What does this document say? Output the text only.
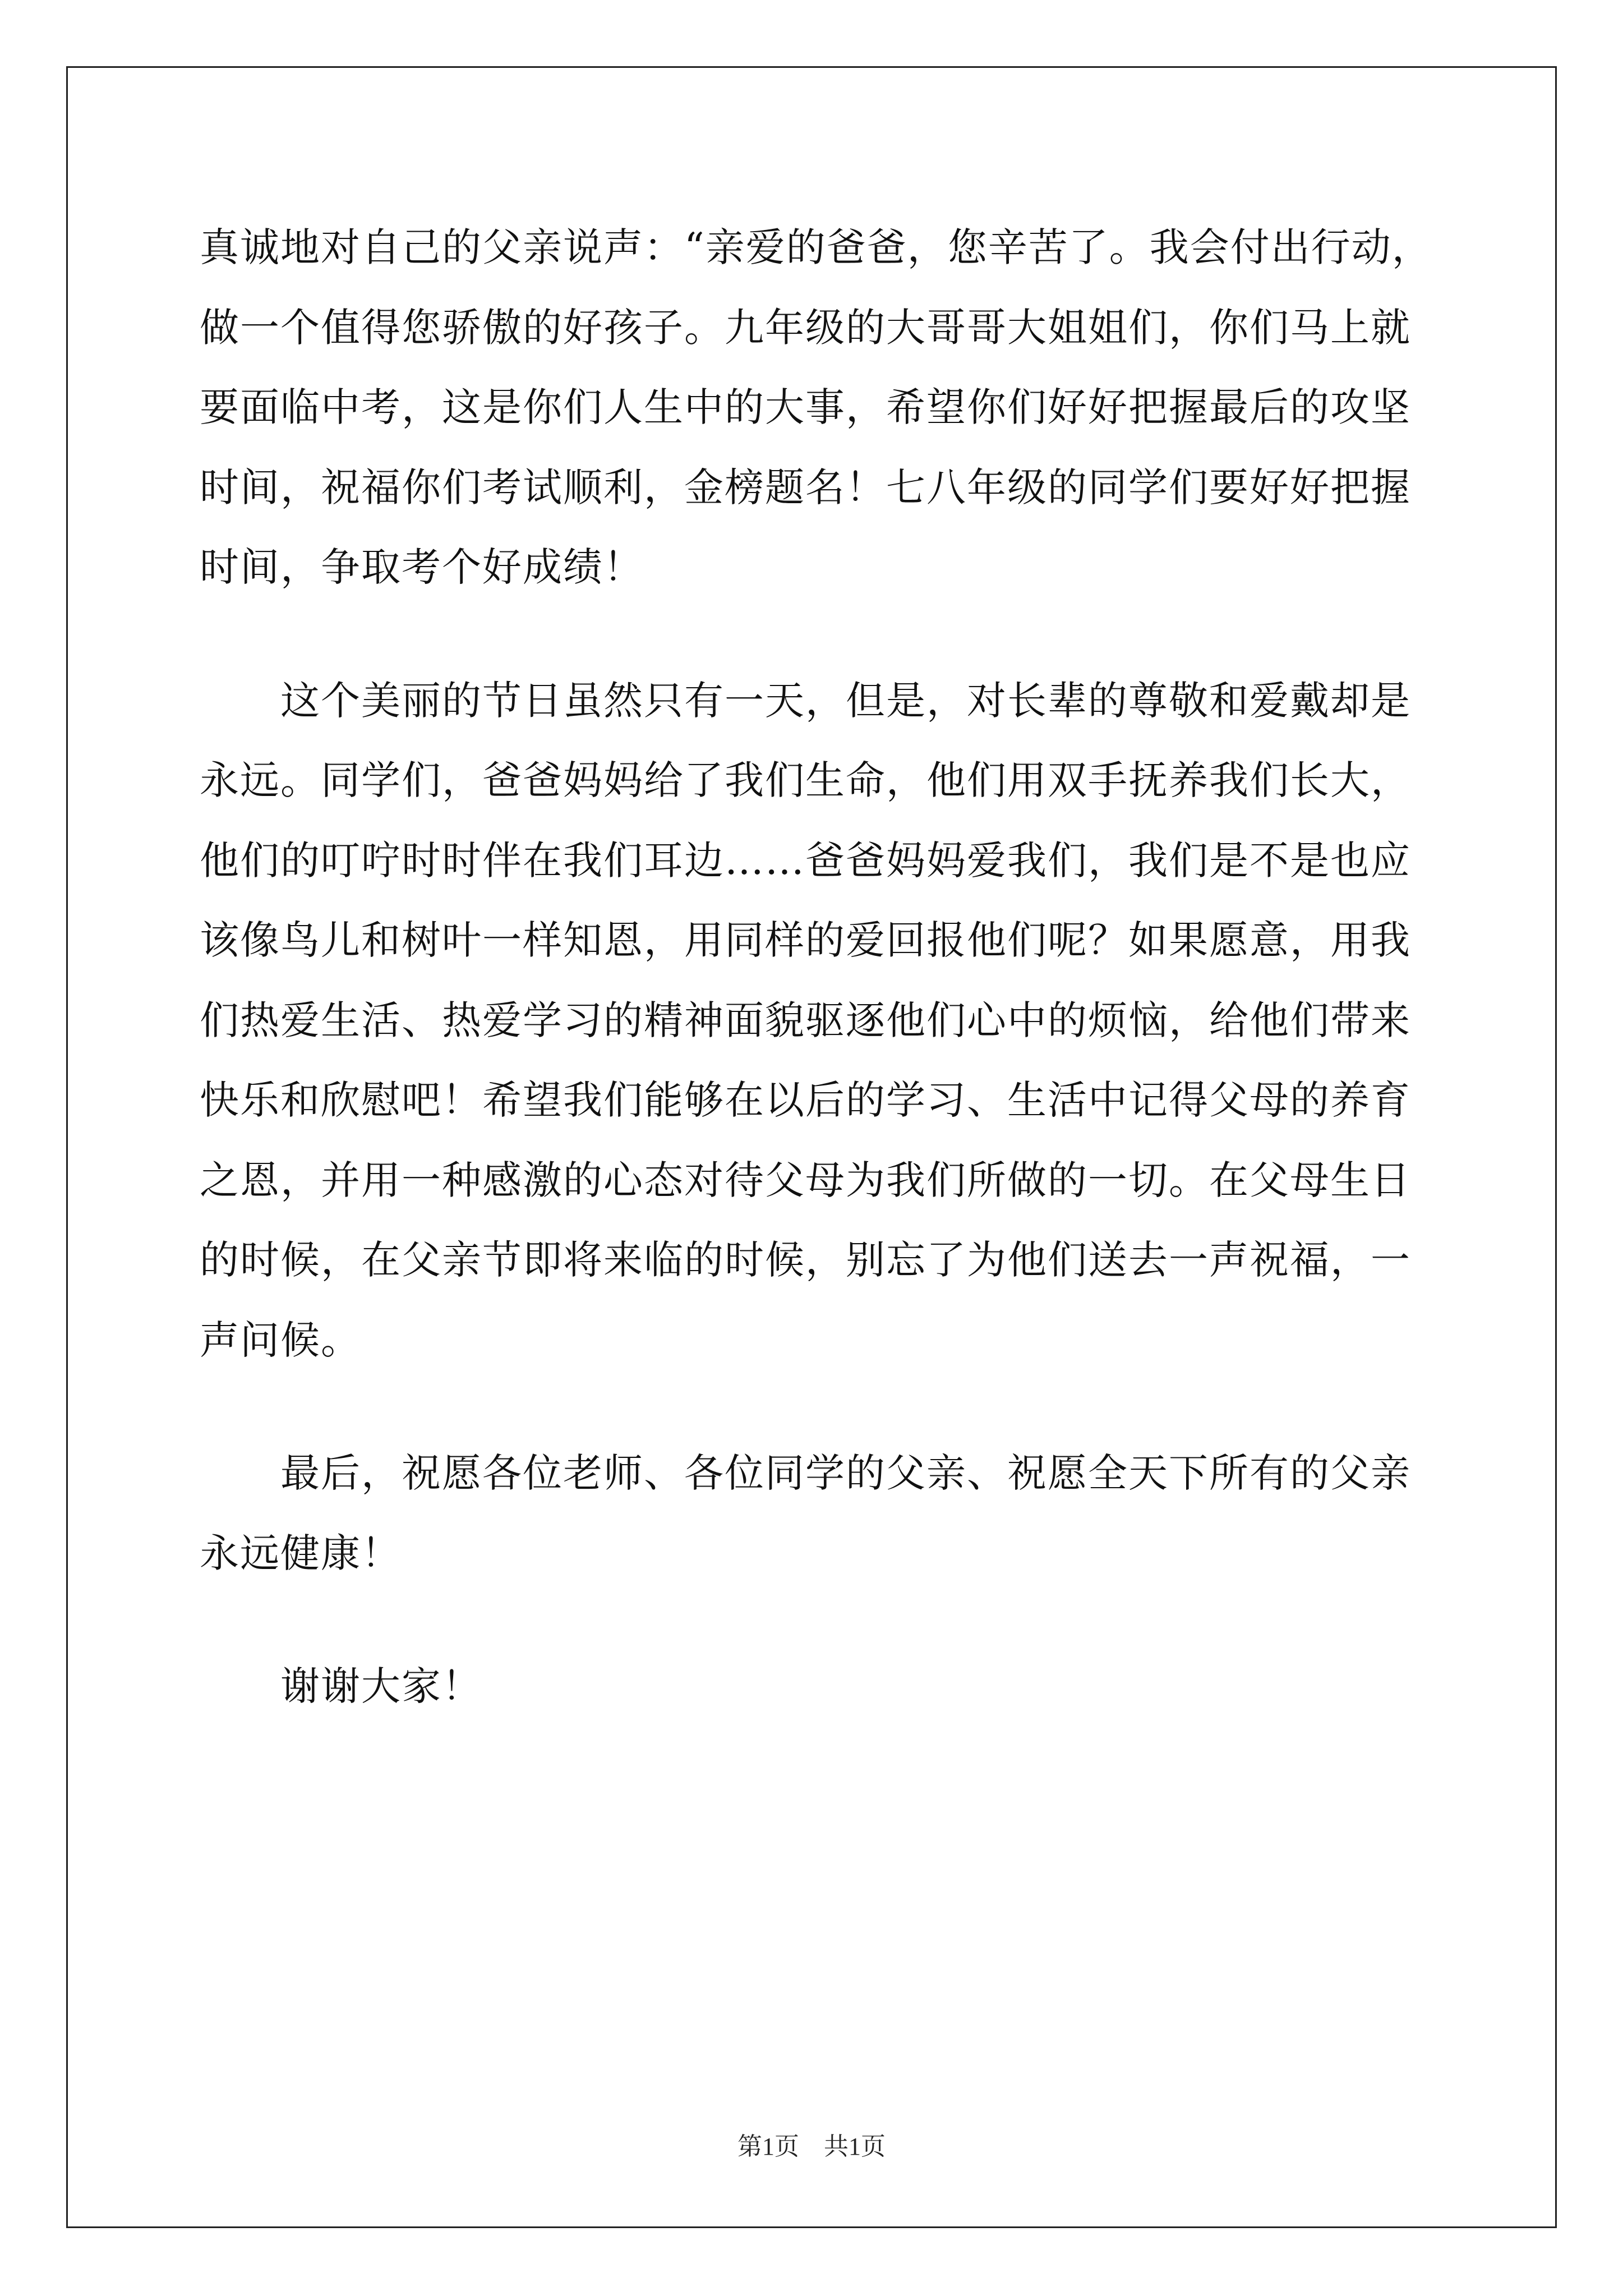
真诚地对自己的父亲说声：“亲爱的爸爸，您辛苦了。我会付出行动，
做一个值得您骄傲的好孩子。九年级的大哥哥大姐姐们，你们马上就
要面临中考，这是你们人生中的大事，希望你们好好把握最后的攻坚
时间，祝福你们考试顺利，金榜题名！七八年级的同学们要好好把握
时间，争取考个好成绩！
这个美丽的节日虽然只有一天，但是，对长辈的尊敬和爱戴却是
永远。同学们，爸爸妈妈给了我们生命，他们用双手抚养我们长大，
他们的叮咛时时伴在我们耳边……爸爸妈妈爱我们，我们是不是也应
该像鸟儿和树叶一样知恩，用同样的爱回报他们呢？如果愿意，用我
们热爱生活、热爱学习的精神面貌驱逐他们心中的烦恼，给他们带来
快乐和欣慰吧！希望我们能够在以后的学习、生活中记得父母的养育
之恩，并用一种感激的心态对待父母为我们所做的一切。在父母生日
的时候，在父亲节即将来临的时候，别忘了为他们送去一声祝福，一
声问候。
最后，祝愿各位老师、各位同学的父亲、祝愿全天下所有的父亲
永远健康！
谢谢大家！
第1页　共1页
